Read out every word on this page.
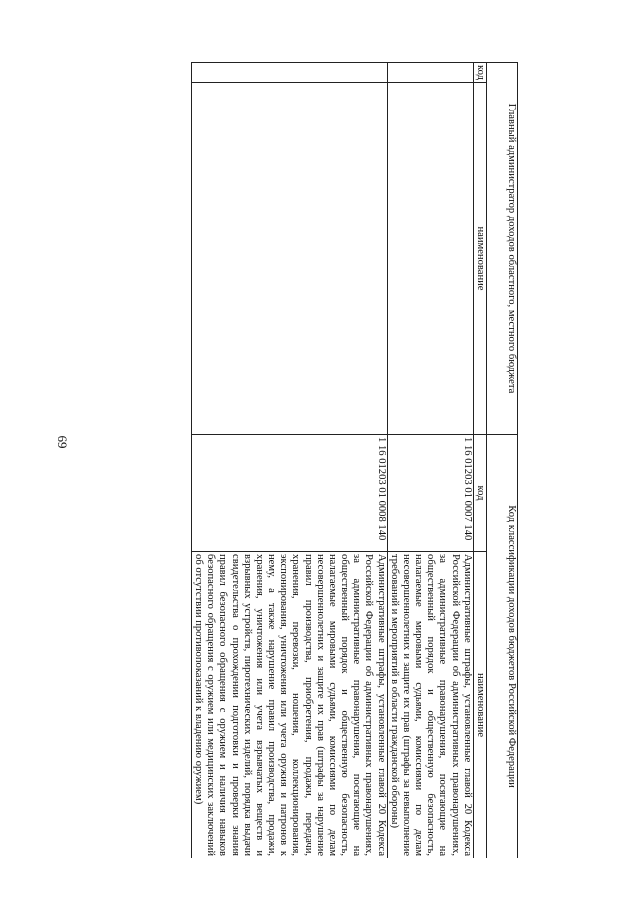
69
Главный администратор доходов областного, местного бюджета		Код классификации доходов бюджетов Российской Федерации	
код	наименование	код	наименование
		1 16 01203 01 0007 140	Административные штрафы, установленные главой 20 Кодекса Российской Федерации об административных правонарушениях, за административные правонарушения, посягающие на общественный порядок и общественную безопасность, налагаемые мировыми судьями, комиссиями по делам несовершеннолетних и защите их прав (штрафы за невыполнение требований и мероприятий в области гражданской обороны)
		1 16 01203 01 0008 140	Административные штрафы, установленные главой 20 Кодекса Российской Федерации об административных правонарушениях, за административные правонарушения, посягающие на общественный порядок и общественную безопасность, налагаемые мировыми судьями, комиссиями по делам несовершеннолетних и защите их прав (штрафы за нарушение правил производства, приобретения, продажи, передачи, хранения, перевозки, ношения, коллекционирования, экспонирования, уничтожения или учета оружия и патронов к нему, а также нарушение правил производства, продажи, хранения, уничтожения или учета взрывчатых веществ и взрывных устройств, пиротехнических изделий, порядка выдачи свидетельства о прохождении подготовки и проверки знания правил безопасного обращения с оружием и наличия навыков безопасного обращения с оружием или медицинских заключений об отсутствии противопоказаний к владению оружием)
